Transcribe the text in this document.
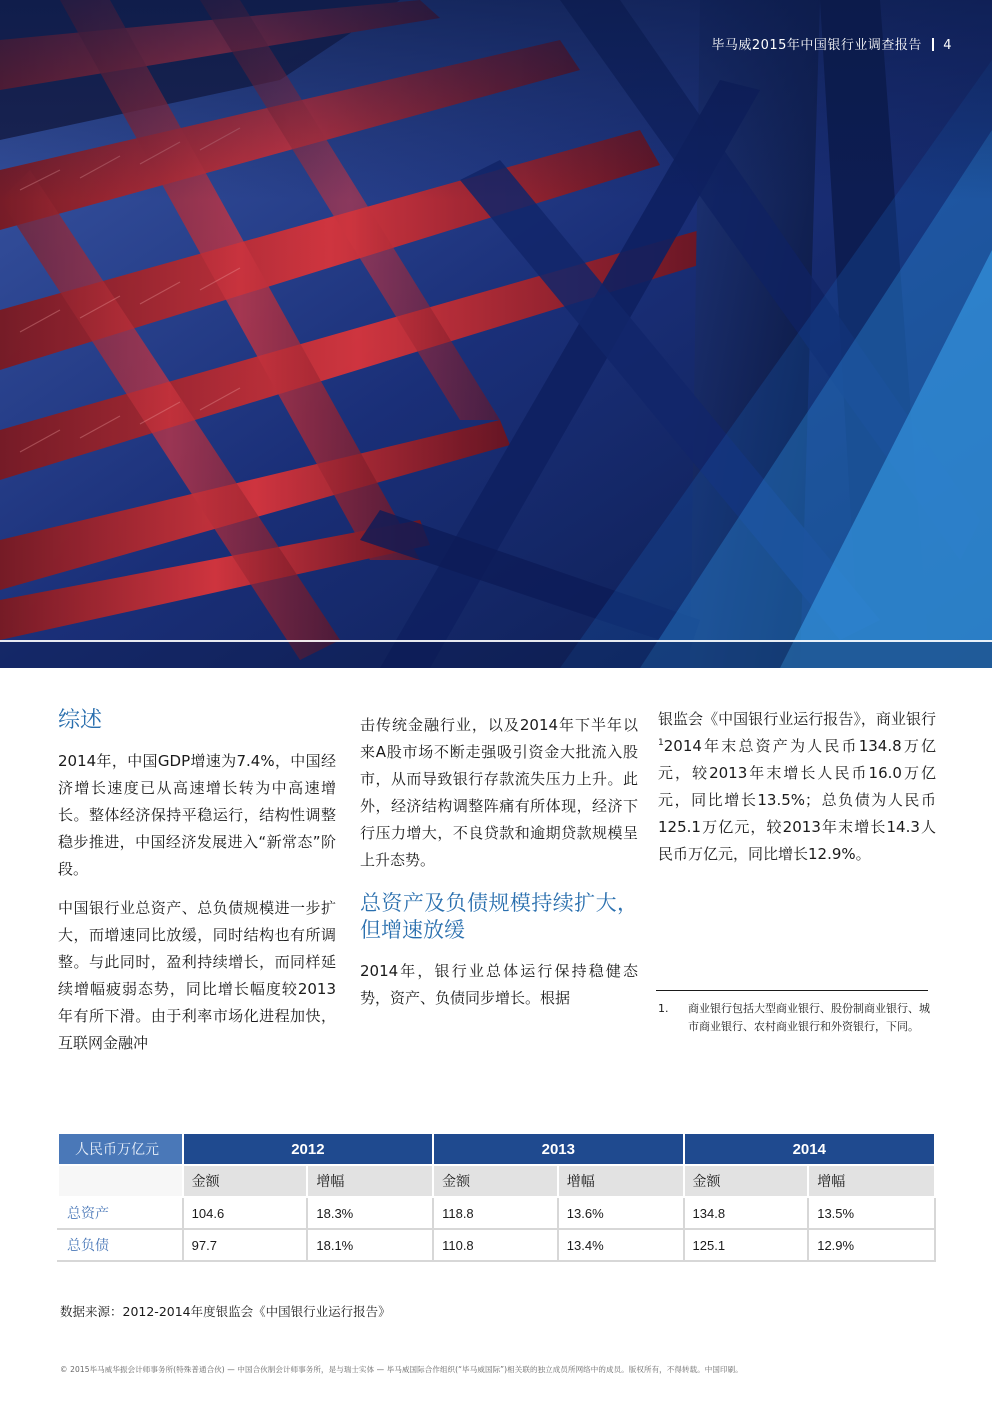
毕马威2015年中国银行业调查报告 4
综述

2014年，中国GDP增速为7.4%，中国经济增长速度已从高速增长转为中高速增长。整体经济保持平稳运行，结构性调整稳步推进，中国经济发展进入“新常态”阶段。

中国银行业总资产、总负债规模进一步扩大，而增速同比放缓，同时结构也有所调整。与此同时，盈利持续增长，而同样延续增幅疲弱态势，同比增长幅度较2013年有所下滑。由于利率市场化进程加快，互联网金融冲

击传统金融行业，以及2014年下半年以来A股市场不断走强吸引资金大批流入股市，从而导致银行存款流失压力上升。此外，经济结构调整阵痛有所体现，经济下行压力增大，不良贷款和逾期贷款规模呈上升态势。

总资产及负债规模持续扩大，但增速放缓

2014年，银行业总体运行保持稳健态势，资产、负债同步增长。根据

银监会《中国银行业运行报告》，商业银行$^1$2014年末总资产为人民币134.8万亿元，较2013年末增长人民币16.0万亿元，同比增长13.5%；总负债为人民币125.1万亿元，较2013年末增长14.3人民币万亿元，同比增长12.9%。

1. 商业银行包括大型商业银行、股份制商业银行、城市商业银行、农村商业银行和外资银行，下同。
人民币万亿元	2012		2013		2014	
	金额	增幅	金额	增幅	金额	增幅
总资产	104.6	18.3%	118.8	13.6%	134.8	13.5%
总负债	97.7	18.1%	110.8	13.4%	125.1	12.9%
数据来源：2012-2014年度银监会《中国银行业运行报告》
© 2015毕马威华振会计师事务所(特殊普通合伙) — 中国合伙制会计师事务所，是与瑞士实体 — 毕马威国际合作组织(“毕马威国际”)相关联的独立成员所网络中的成员。版权所有，不得转载。中国印刷。
